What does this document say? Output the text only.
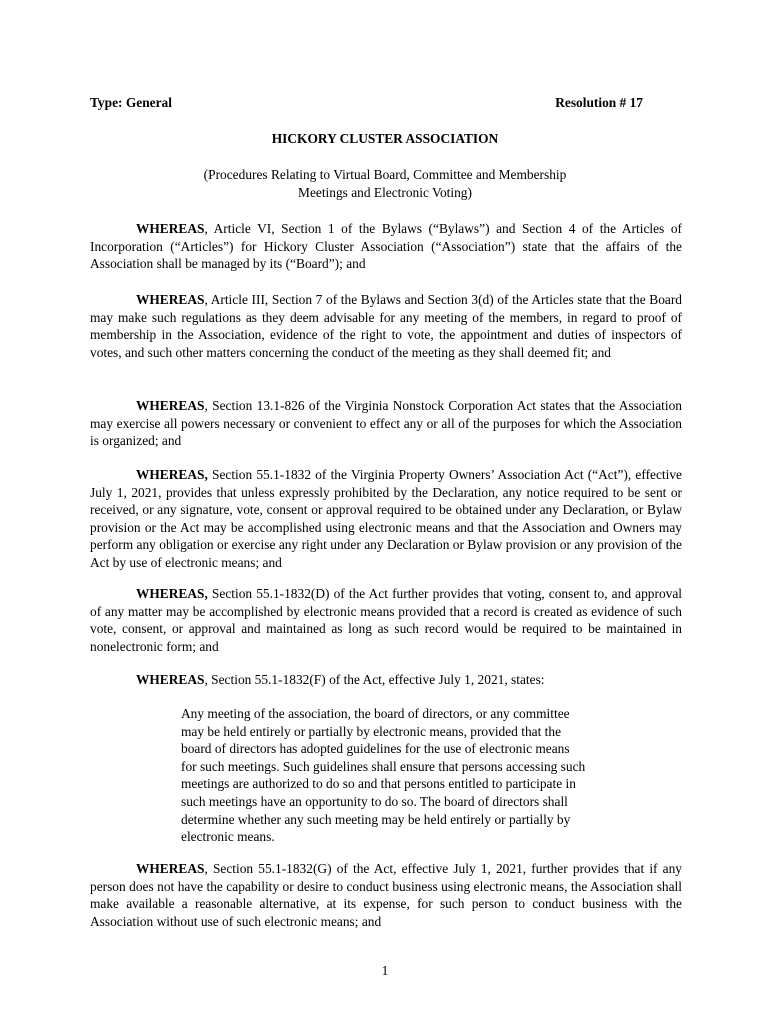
Type: General	Resolution # 17
HICKORY CLUSTER ASSOCIATION
(Procedures Relating to Virtual Board, Committee and Membership
Meetings and Electronic Voting)
WHEREAS, Article VI, Section 1 of the Bylaws (“Bylaws”) and Section 4 of the Articles of Incorporation (“Articles”) for Hickory Cluster Association (“Association”) state that the affairs of the Association shall be managed by its (“Board”); and
WHEREAS, Article III, Section 7 of the Bylaws and Section 3(d) of the Articles state that the Board may make such regulations as they deem advisable for any meeting of the members, in regard to proof of membership in the Association, evidence of the right to vote, the appointment and duties of inspectors of votes, and such other matters concerning the conduct of the meeting as they shall deemed fit; and
WHEREAS, Section 13.1-826 of the Virginia Nonstock Corporation Act states that the Association may exercise all powers necessary or convenient to effect any or all of the purposes for which the Association is organized; and
WHEREAS, Section 55.1-1832 of the Virginia Property Owners’ Association Act (“Act”), effective July 1, 2021, provides that unless expressly prohibited by the Declaration, any notice required to be sent or received, or any signature, vote, consent or approval required to be obtained under any Declaration, or Bylaw provision or the Act may be accomplished using electronic means and that the Association and Owners may perform any obligation or exercise any right under any Declaration or Bylaw provision or any provision of the Act by use of electronic means; and
WHEREAS, Section 55.1-1832(D) of the Act further provides that voting, consent to, and approval of any matter may be accomplished by electronic means provided that a record is created as evidence of such vote, consent, or approval and maintained as long as such record would be required to be maintained in nonelectronic form; and
WHEREAS, Section 55.1-1832(F) of the Act, effective July 1, 2021, states:
Any meeting of the association, the board of directors, or any committee may be held entirely or partially by electronic means, provided that the board of directors has adopted guidelines for the use of electronic means for such meetings. Such guidelines shall ensure that persons accessing such meetings are authorized to do so and that persons entitled to participate in such meetings have an opportunity to do so. The board of directors shall determine whether any such meeting may be held entirely or partially by electronic means.
WHEREAS, Section 55.1-1832(G) of the Act, effective July 1, 2021, further provides that if any person does not have the capability or desire to conduct business using electronic means, the Association shall make available a reasonable alternative, at its expense, for such person to conduct business with the Association without use of such electronic means; and
1
